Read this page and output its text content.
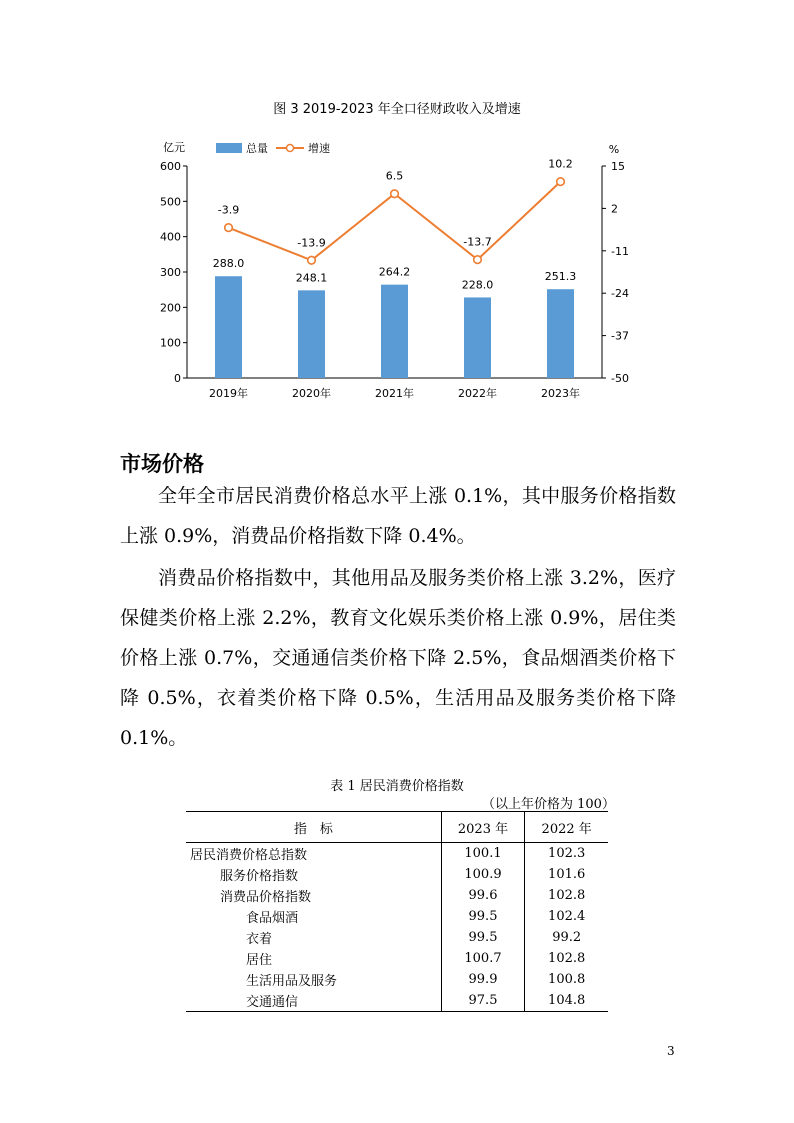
图 3 2019-2023 年全口径财政收入及增速
0
100
200
300
400
500
600	15
2
-11
-24
-37
-50
亿元	%
288.0
248.1	264.2
228.0
251.3
2019年	2020年	2021年	2022年	2023年
-3.9
-13.9
6.5
-13.7
10.2
总量	增速
市场价格
全年全市居民消费价格总水平上涨 0.1%，其中服务价格指数上涨 0.9%，消费品价格指数下降 0.4%。
消费品价格指数中，其他用品及服务类价格上涨 3.2%，医疗保健类价格上涨 2.2%，教育文化娱乐类价格上涨 0.9%，居住类价格上涨 0.7%，交通通信类价格下降 2.5%，食品烟酒类价格下降 0.5%，衣着类价格下降 0.5%，生活用品及服务类价格下降 0.1%。
表 1 居民消费价格指数
（以上年价格为 100）
指　标	2023 年	2022 年
居民消费价格总指数	100.1	102.3
服务价格指数	100.9	101.6
消费品价格指数	99.6	102.8
食品烟酒	99.5	102.4
衣着	99.5	99.2
居住	100.7	102.8
生活用品及服务	99.9	100.8
交通通信	97.5	104.8
3
